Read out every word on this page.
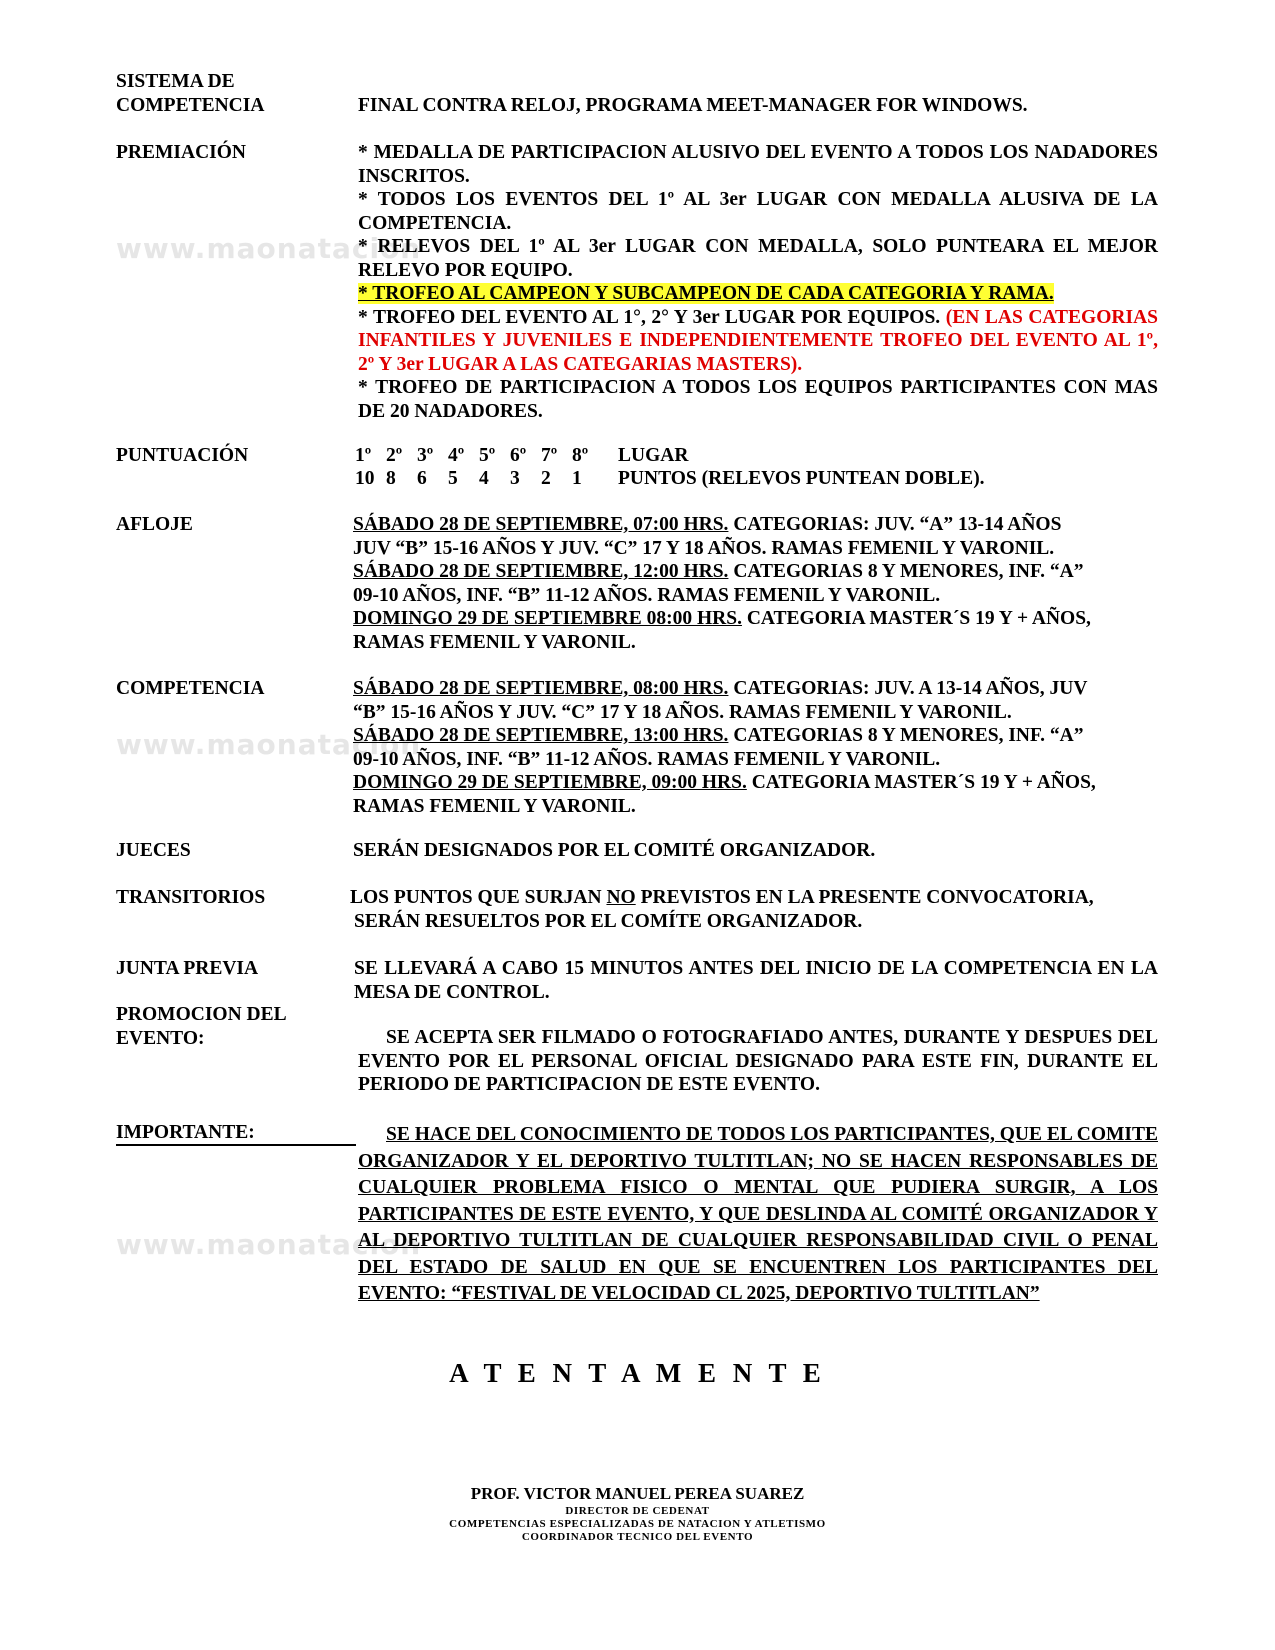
www.maonatacion
www.maonatacion
www.maonatacion
SISTEMA DE
COMPETENCIA	FINAL CONTRA RELOJ, PROGRAMA MEET-MANAGER FOR WINDOWS.
PREMIACIÓN	* MEDALLA DE PARTICIPACION ALUSIVO DEL EVENTO A TODOS LOS NADADORES INSCRITOS.
* TODOS LOS EVENTOS DEL 1º AL 3er LUGAR CON MEDALLA ALUSIVA DE LA COMPETENCIA.
* RELEVOS DEL 1º AL 3er LUGAR CON MEDALLA, SOLO PUNTEARA EL MEJOR RELEVO POR EQUIPO.
* TROFEO AL CAMPEON Y SUBCAMPEON DE CADA CATEGORIA Y RAMA.
* TROFEO DEL EVENTO AL 1°, 2° Y 3er LUGAR POR EQUIPOS. (EN LAS CATEGORIAS INFANTILES Y JUVENILES E INDEPENDIENTEMENTE TROFEO DEL EVENTO AL 1º, 2º Y 3er LUGAR A LAS CATEGARIAS MASTERS).
* TROFEO DE PARTICIPACION A TODOS LOS EQUIPOS PARTICIPANTES CON MAS DE 20 NADADORES.
PUNTUACIÓN	1º 2º 3º 4º 5º 6º 7º 8º LUGAR
10 8 6 5 4 3 2 1 PUNTOS (RELEVOS PUNTEAN DOBLE).
AFLOJE	SÁBADO 28 DE SEPTIEMBRE, 07:00 HRS. CATEGORIAS: JUV. “A” 13-14 AÑOS
JUV “B” 15-16 AÑOS Y JUV. “C” 17 Y 18 AÑOS. RAMAS FEMENIL Y VARONIL.
SÁBADO 28 DE SEPTIEMBRE, 12:00 HRS. CATEGORIAS 8 Y MENORES, INF. “A”
09-10 AÑOS, INF. “B” 11-12 AÑOS. RAMAS FEMENIL Y VARONIL.
DOMINGO 29 DE SEPTIEMBRE 08:00 HRS. CATEGORIA MASTER´S 19 Y + AÑOS,
RAMAS FEMENIL Y VARONIL.
COMPETENCIA	SÁBADO 28 DE SEPTIEMBRE, 08:00 HRS. CATEGORIAS: JUV. A 13-14 AÑOS, JUV
“B” 15-16 AÑOS Y JUV. “C” 17 Y 18 AÑOS. RAMAS FEMENIL Y VARONIL.
SÁBADO 28 DE SEPTIEMBRE, 13:00 HRS. CATEGORIAS 8 Y MENORES, INF. “A”
09-10 AÑOS, INF. “B” 11-12 AÑOS. RAMAS FEMENIL Y VARONIL.
DOMINGO 29 DE SEPTIEMBRE, 09:00 HRS. CATEGORIA MASTER´S 19 Y + AÑOS,
RAMAS FEMENIL Y VARONIL.
JUECES	SERÁN DESIGNADOS POR EL COMITÉ ORGANIZADOR.
TRANSITORIOS	LOS PUNTOS QUE SURJAN NO PREVISTOS EN LA PRESENTE CONVOCATORIA,
SERÁN RESUELTOS POR EL COMÍTE ORGANIZADOR.
JUNTA PREVIA	SE LLEVARÁ A CABO 15 MINUTOS ANTES DEL INICIO DE LA COMPETENCIA EN LA MESA DE CONTROL.
PROMOCION DEL
EVENTO:	SE ACEPTA SER FILMADO O FOTOGRAFIADO ANTES, DURANTE Y DESPUES DEL EVENTO POR EL PERSONAL OFICIAL DESIGNADO PARA ESTE FIN, DURANTE EL PERIODO DE PARTICIPACION DE ESTE EVENTO.
IMPORTANTE:	SE HACE DEL CONOCIMIENTO DE TODOS LOS PARTICIPANTES, QUE EL COMITE ORGANIZADOR Y EL DEPORTIVO TULTITLAN; NO SE HACEN RESPONSABLES DE CUALQUIER PROBLEMA FISICO O MENTAL QUE PUDIERA SURGIR, A LOS PARTICIPANTES DE ESTE EVENTO, Y QUE DESLINDA AL COMITÉ ORGANIZADOR Y AL DEPORTIVO TULTITLAN DE CUALQUIER RESPONSABILIDAD CIVIL O PENAL DEL ESTADO DE SALUD EN QUE SE ENCUENTREN LOS PARTICIPANTES DEL EVENTO: “FESTIVAL DE VELOCIDAD CL 2025, DEPORTIVO TULTITLAN”
A T E N T A M E N T E
PROF. VICTOR MANUEL PEREA SUAREZ
DIRECTOR DE CEDENAT
COMPETENCIAS ESPECIALIZADAS DE NATACION Y ATLETISMO
COORDINADOR TECNICO DEL EVENTO
